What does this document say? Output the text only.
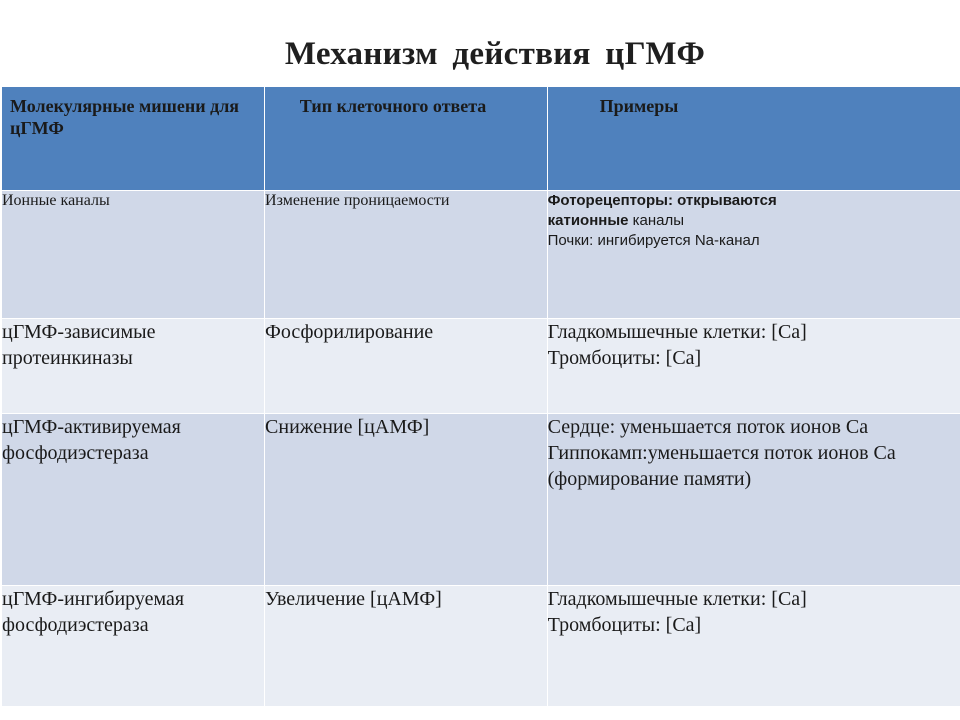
Механизм действия цГМФ
Молекулярные мишени для цГМФ	Тип клеточного ответа	Примеры
Ионные каналы	Изменение проницаемости	Фоторецепторы: открываются
катионные каналы
Почки: ингибируется Na-канал

цГМФ-зависимые протеинкиназы	Фосфорилирование	Гладкомышечные клетки: [Ca]
Тромбоциты: [Ca]

цГМФ-активируемая фосфодиэстераза	Снижение [цАМФ]	Сердце: уменьшается поток ионов Ca
Гиппокамп:уменьшается поток ионов Ca
(формирование памяти)

цГМФ-ингибируемая фосфодиэстераза	Увеличение [цАМФ]	Гладкомышечные клетки: [Ca]
Тромбоциты: [Ca]
